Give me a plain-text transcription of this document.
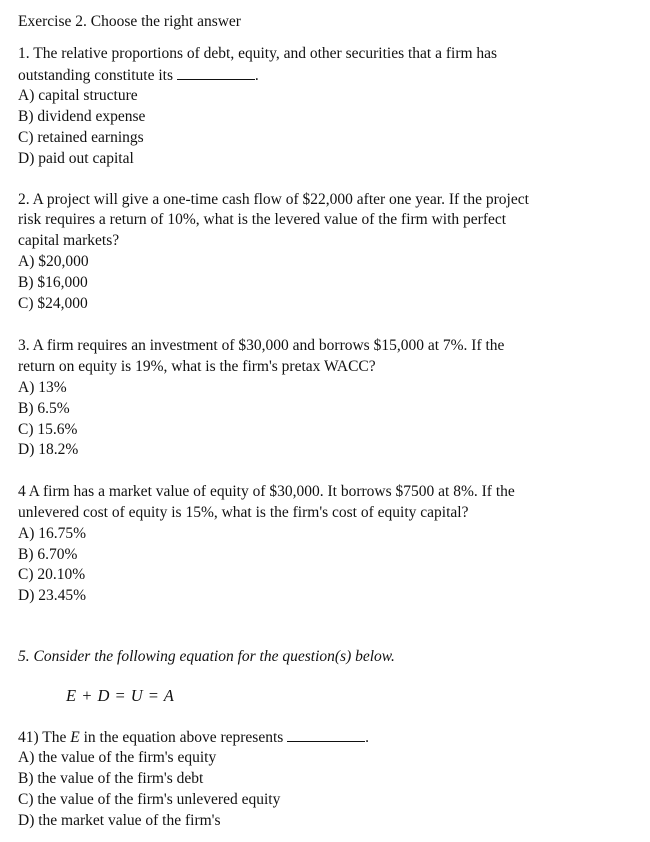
Exercise 2. Choose the right answer

1. The relative proportions of debt, equity, and other securities that a firm has

outstanding constitute its	.

A) capital structure

B) dividend expense

C) retained earnings

D) paid out capital

2. A project will give a one-time cash flow of $22,000 after one year. If the project

risk requires a return of 10%, what is the levered value of the firm with perfect

capital markets?

A) $20,000

B) $16,000

C) $24,000

3. A firm requires an investment of $30,000 and borrows $15,000 at 7%. If the

return on equity is 19%, what is the firm's pretax WACC?

A) 13%

B) 6.5%

C) 15.6%

D) 18.2%

4 A firm has a market value of equity of $30,000. It borrows $7500 at 8%. If the

unlevered cost of equity is 15%, what is the firm's cost of equity capital?

A) 16.75%

B) 6.70%

C) 20.10%

D) 23.45%

5. Consider the following equation for the question(s) below.

E + D = U = A

41) The E in the equation above represents	.

A) the value of the firm's equity

B) the value of the firm's debt

C) the value of the firm's unlevered equity

D) the market value of the firm's
